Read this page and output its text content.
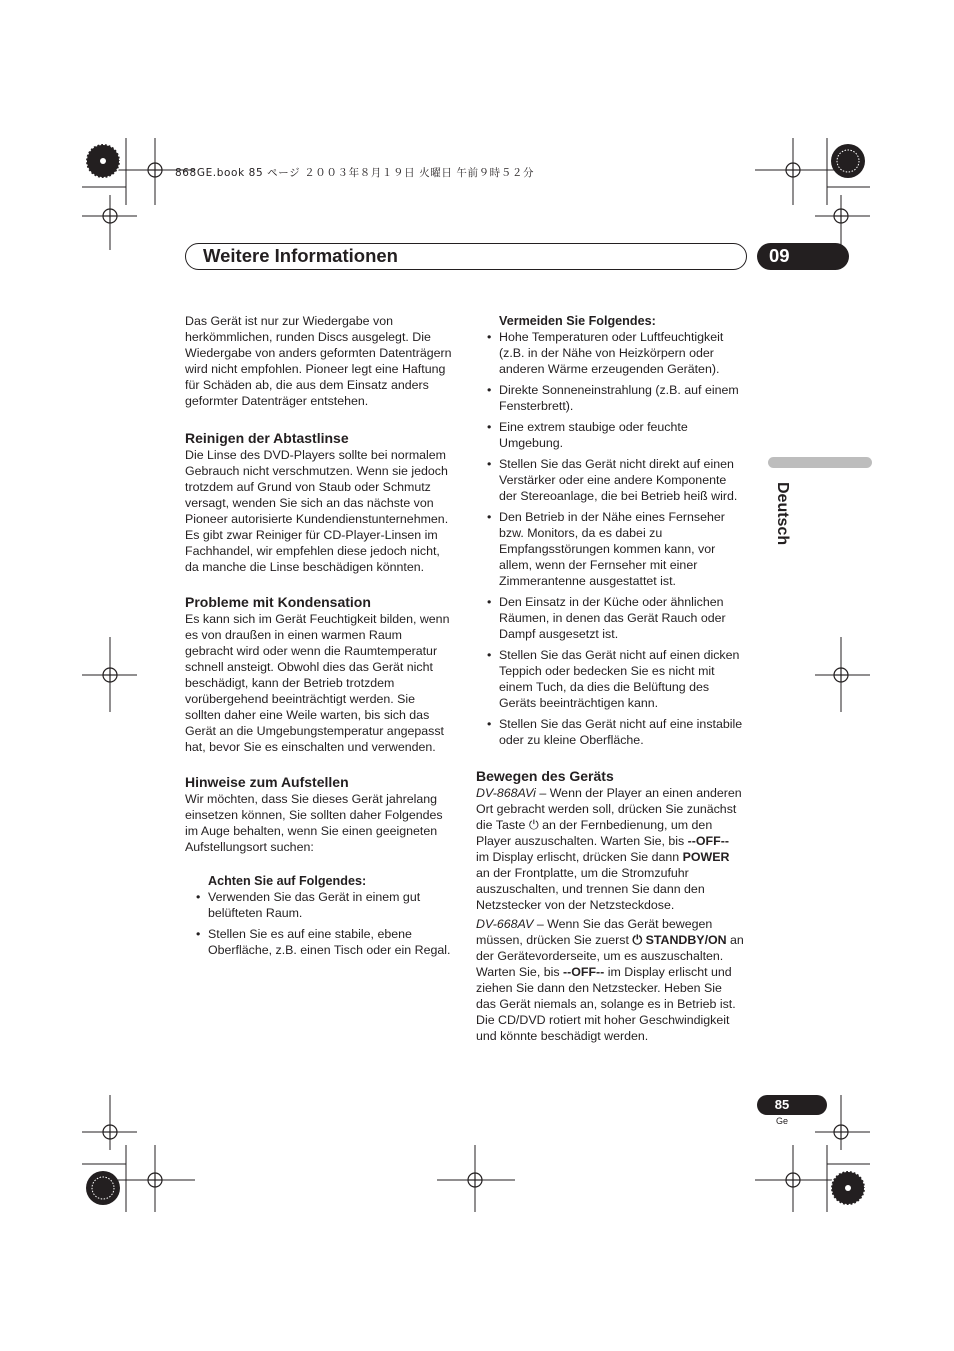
868GE.book 85 ページ ２００３年８月１９日 火曜日 午前９時５２分
Weitere Informationen	09
Deutsch

Das Gerät ist nur zur Wiedergabe von herkömmlichen, runden Discs ausgelegt. Die Wiedergabe von anders geformten Datenträgern wird nicht empfohlen. Pioneer legt eine Haftung für Schäden ab, die aus dem Einsatz anders geformter Datenträger entstehen.

Reinigen der Abtastlinse

Die Linse des DVD-Players sollte bei normalem Gebrauch nicht verschmutzen. Wenn sie jedoch trotzdem auf Grund von Staub oder Schmutz versagt, wenden Sie sich an das nächste von Pioneer autorisierte Kundendienstunternehmen. Es gibt zwar Reiniger für CD-Player-Linsen im Fachhandel, wir empfehlen diese jedoch nicht, da manche die Linse beschädigen könnten.

Probleme mit Kondensation

Es kann sich im Gerät Feuchtigkeit bilden, wenn es von draußen in einen warmen Raum gebracht wird oder wenn die Raumtemperatur schnell ansteigt. Obwohl dies das Gerät nicht beschädigt, kann der Betrieb trotzdem vorübergehend beeinträchtigt werden. Sie sollten daher eine Weile warten, bis sich das Gerät an die Umgebungstemperatur angepasst hat, bevor Sie es einschalten und verwenden.

Hinweise zum Aufstellen

Wir möchten, dass Sie dieses Gerät jahrelang einsetzen können, Sie sollten daher Folgendes im Auge behalten, wenn Sie einen geeigneten Aufstellungsort suchen:

Achten Sie auf Folgendes:

• Verwenden Sie das Gerät in einem gut belüfteten Raum.
• Stellen Sie es auf eine stabile, ebene Oberfläche, z.B. einen Tisch oder ein Regal.

Vermeiden Sie Folgendes:

• Hohe Temperaturen oder Luftfeuchtigkeit (z.B. in der Nähe von Heizkörpern oder anderen Wärme erzeugenden Geräten).
• Direkte Sonneneinstrahlung (z.B. auf einem Fensterbrett).
• Eine extrem staubige oder feuchte Umgebung.
• Stellen Sie das Gerät nicht direkt auf einen Verstärker oder eine andere Komponente der Stereoanlage, die bei Betrieb heiß wird.
• Den Betrieb in der Nähe eines Fernseher bzw. Monitors, da es dabei zu Empfangsstörungen kommen kann, vor allem, wenn der Fernseher mit einer Zimmerantenne ausgestattet ist.
• Den Einsatz in der Küche oder ähnlichen Räumen, in denen das Gerät Rauch oder Dampf ausgesetzt ist.
• Stellen Sie das Gerät nicht auf einen dicken Teppich oder bedecken Sie es nicht mit einem Tuch, da dies die Belüftung des Geräts beeinträchtigen kann.
• Stellen Sie das Gerät nicht auf eine instabile oder zu kleine Oberfläche.

Bewegen des Geräts

DV-868AVi – Wenn der Player an einen anderen Ort gebracht werden soll, drücken Sie zunächst die Taste ⏻ an der Fernbedienung, um den Player auszuschalten. Warten Sie, bis --OFF-- im Display erlischt, drücken Sie dann POWER an der Frontplatte, um die Stromzufuhr auszuschalten, und trennen Sie dann den Netzstecker von der Netzsteckdose.

DV-668AV – Wenn Sie das Gerät bewegen müssen, drücken Sie zuerst ⏻ STANDBY/ON an der Gerätevorderseite, um es auszuschalten. Warten Sie, bis --OFF-- im Display erlischt und ziehen Sie dann den Netzstecker. Heben Sie das Gerät niemals an, solange es in Betrieb ist. Die CD/DVD rotiert mit hoher Geschwindigkeit und könnte beschädigt werden.

85
Ge
